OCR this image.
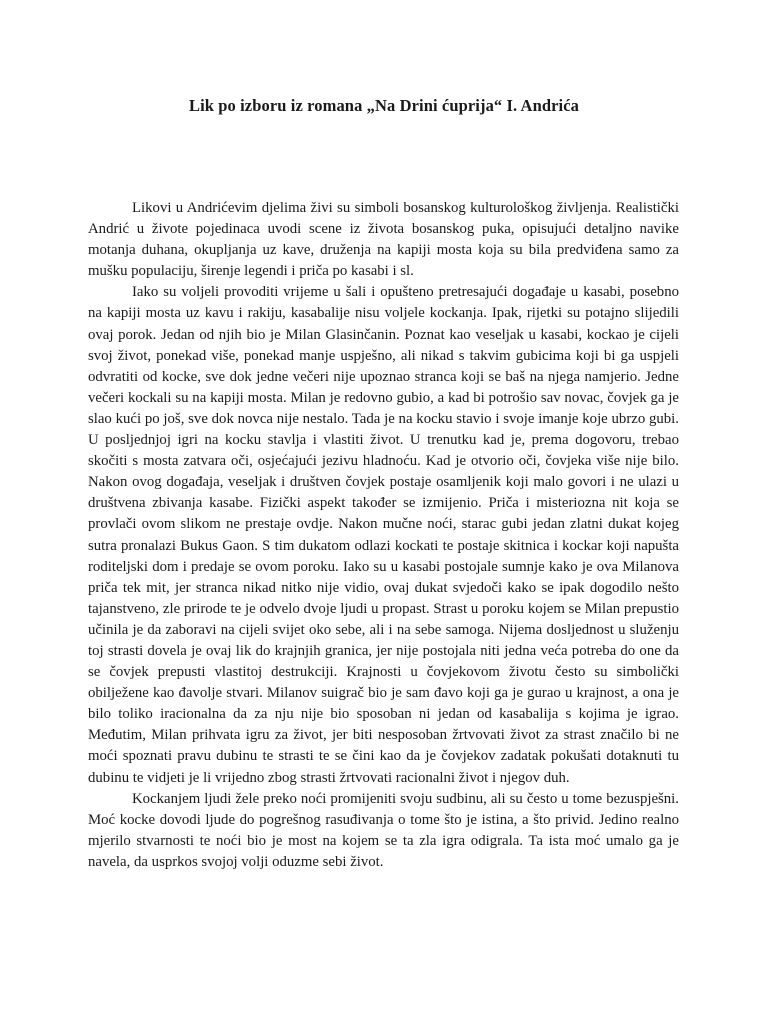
Lik po izboru iz romana „Na Drini ćuprija“ I. Andrića

Likovi u Andrićevim djelima živi su simboli bosanskog kulturološkog življenja. Realistički Andrić u živote pojedinaca uvodi scene iz života bosanskog puka, opisujući detaljno navike motanja duhana, okupljanja uz kave, druženja na kapiji mosta koja su bila predviđena samo za mušku populaciju, širenje legendi i priča po kasabi i sl.

Iako su voljeli provoditi vrijeme u šali i opušteno pretresajući događaje u kasabi, posebno na kapiji mosta uz kavu i rakiju, kasabalije nisu voljele kockanja. Ipak, rijetki su potajno slijedili ovaj porok. Jedan od njih bio je Milan Glasinčanin. Poznat kao veseljak u kasabi, kockao je cijeli svoj život, ponekad više, ponekad manje uspješno, ali nikad s takvim gubicima koji bi ga uspjeli odvratiti od kocke, sve dok jedne večeri nije upoznao stranca koji se baš na njega namjerio. Jedne večeri kockali su na kapiji mosta. Milan je redovno gubio, a kad bi potrošio sav novac, čovjek ga je slao kući po još, sve dok novca nije nestalo. Tada je na kocku stavio i svoje imanje koje ubrzo gubi. U posljednjoj igri na kocku stavlja i vlastiti život. U trenutku kad je, prema dogovoru, trebao skočiti s mosta zatvara oči, osjećajući jezivu hladnoću. Kad je otvorio oči, čovjeka više nije bilo. Nakon ovog događaja, veseljak i društven čovjek postaje osamljenik koji malo govori i ne ulazi u društvena zbivanja kasabe. Fizički aspekt također se izmijenio. Priča i misteriozna nit koja se provlači ovom slikom ne prestaje ovdje. Nakon mučne noći, starac gubi jedan zlatni dukat kojeg sutra pronalazi Bukus Gaon. S tim dukatom odlazi kockati te postaje skitnica i kockar koji napušta roditeljski dom i predaje se ovom poroku. Iako su u kasabi postojale sumnje kako je ova Milanova priča tek mit, jer stranca nikad nitko nije vidio, ovaj dukat svjedoči kako se ipak dogodilo nešto tajanstveno, zle prirode te je odvelo dvoje ljudi u propast. Strast u poroku kojem se Milan prepustio učinila je da zaboravi na cijeli svijet oko sebe, ali i na sebe samoga. Nijema dosljednost u služenju toj strasti dovela je ovaj lik do krajnjih granica, jer nije postojala niti jedna veća potreba do one da se čovjek prepusti vlastitoj destrukciji. Krajnosti u čovjekovom životu često su simbolički obilježene kao đavolje stvari. Milanov suigrač bio je sam đavo koji ga je gurao u krajnost, a ona je bilo toliko iracionalna da za nju nije bio sposoban ni jedan od kasabalija s kojima je igrao. Međutim, Milan prihvata igru za život, jer biti nesposoban žrtvovati život za strast značilo bi ne moći spoznati pravu dubinu te strasti te se čini kao da je čovjekov zadatak pokušati dotaknuti tu dubinu te vidjeti je li vrijedno zbog strasti žrtvovati racionalni život i njegov duh.

Kockanjem ljudi žele preko noći promijeniti svoju sudbinu, ali su često u tome bezuspješni. Moć kocke dovodi ljude do pogrešnog rasuđivanja o tome što je istina, a što privid. Jedino realno mjerilo stvarnosti te noći bio je most na kojem se ta zla igra odigrala. Ta ista moć umalo ga je navela, da usprkos svojoj volji oduzme sebi život.
